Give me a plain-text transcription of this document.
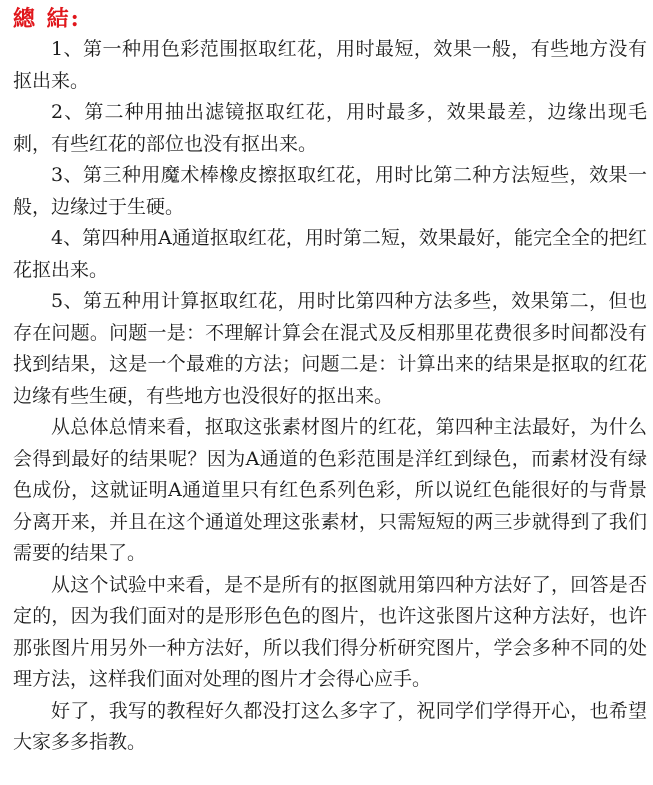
總 結:

1、第一种用色彩范围抠取红花，用时最短，效果一般，有些地方没有抠出来。

2、第二种用抽出滤镜抠取红花，用时最多，效果最差，边缘出现毛刺，有些红花的部位也没有抠出来。

3、第三种用魔术棒橡皮擦抠取红花，用时比第二种方法短些，效果一般，边缘过于生硬。

4、第四种用A通道抠取红花，用时第二短，效果最好，能完全全的把红花抠出来。

5、第五种用计算抠取红花，用时比第四种方法多些，效果第二，但也存在问题。问题一是：不理解计算会在混式及反相那里花费很多时间都没有找到结果，这是一个最难的方法；问题二是：计算出来的结果是抠取的红花边缘有些生硬，有些地方也没很好的抠出来。

从总体总情来看，抠取这张素材图片的红花，第四种主法最好，为什么会得到最好的结果呢？因为A通道的色彩范围是洋红到绿色，而素材没有绿色成份，这就证明A通道里只有红色系列色彩，所以说红色能很好的与背景分离开来，并且在这个通道处理这张素材，只需短短的两三步就得到了我们需要的结果了。

从这个试验中来看，是不是所有的抠图就用第四种方法好了，回答是否定的，因为我们面对的是形形色色的图片，也许这张图片这种方法好，也许那张图片用另外一种方法好，所以我们得分析研究图片，学会多种不同的处理方法，这样我们面对处理的图片才会得心应手。

好了，我写的教程好久都没打这么多字了，祝同学们学得开心，也希望大家多多指教。
